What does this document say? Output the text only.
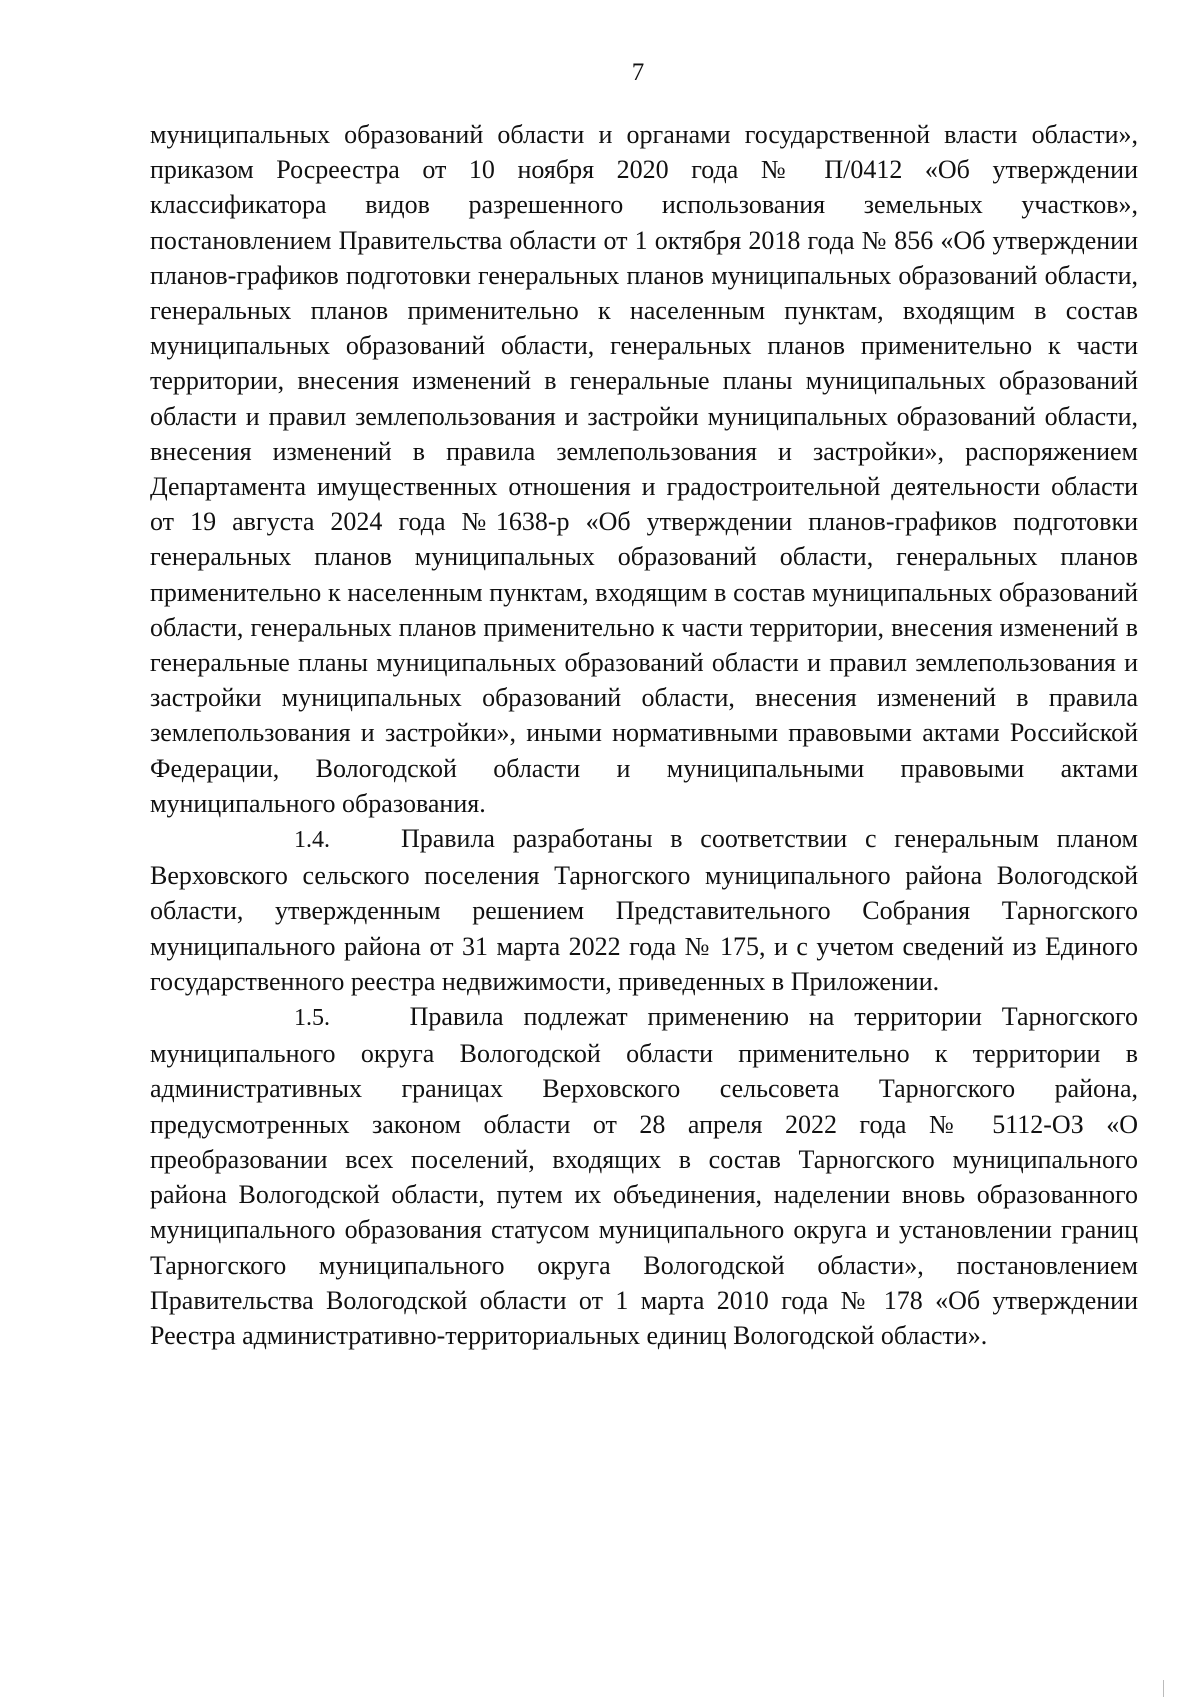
7

муниципальных образований области и органами государственной власти области», приказом Росреестра от 10 ноября 2020 года № П/0412 «Об утверждении классификатора видов разрешенного использования земельных участков», постановлением Правительства области от 1 октября 2018 года № 856 «Об утверждении планов-графиков подготовки генеральных планов муниципальных образований области, генеральных планов применительно к населенным пунктам, входящим в состав муниципальных образований области, генеральных планов применительно к части территории, внесения изменений в генеральные планы муниципальных образований области и правил землепользования и застройки муниципальных образований области, внесения изменений в правила землепользования и застройки», распоряжением Департамента имущественных отношения и градостроительной деятельности области от 19 августа 2024 года №1638-р «Об утверждении планов-графиков подготовки генеральных планов муниципальных образований области, генеральных планов применительно к населенным пунктам, входящим в состав муниципальных образований области, генеральных планов применительно к части территории, внесения изменений в генеральные планы муниципальных образований области и правил землепользования и застройки муниципальных образований области, внесения изменений в правила землепользования и застройки», иными нормативными правовыми актами Российской Федерации, Вологодской области и муниципальными правовыми актами муниципального образования.

1.4.	Правила разработаны в соответствии с генеральным планом Верховского сельского поселения Тарногского муниципального района Вологодской области, утвержденным решением Представительного Собрания Тарногского муниципального района от 31 марта 2022 года № 175, и с учетом сведений из Единого государственного реестра недвижимости, приведенных в Приложении.

1.5.	Правила подлежат применению на территории Тарногского муниципального округа Вологодской области применительно к территории в административных границах Верховского сельсовета Тарногского района, предусмотренных законом области от 28 апреля 2022 года № 5112-ОЗ «О преобразовании всех поселений, входящих в состав Тарногского муниципального района Вологодской области, путем их объединения, наделении вновь образованного муниципального образования статусом муниципального округа и установлении границ Тарногского муниципального округа Вологодской области», постановлением Правительства Вологодской области от 1 марта 2010 года № 178 «Об утверждении Реестра административно-территориальных единиц Вологодской области».
